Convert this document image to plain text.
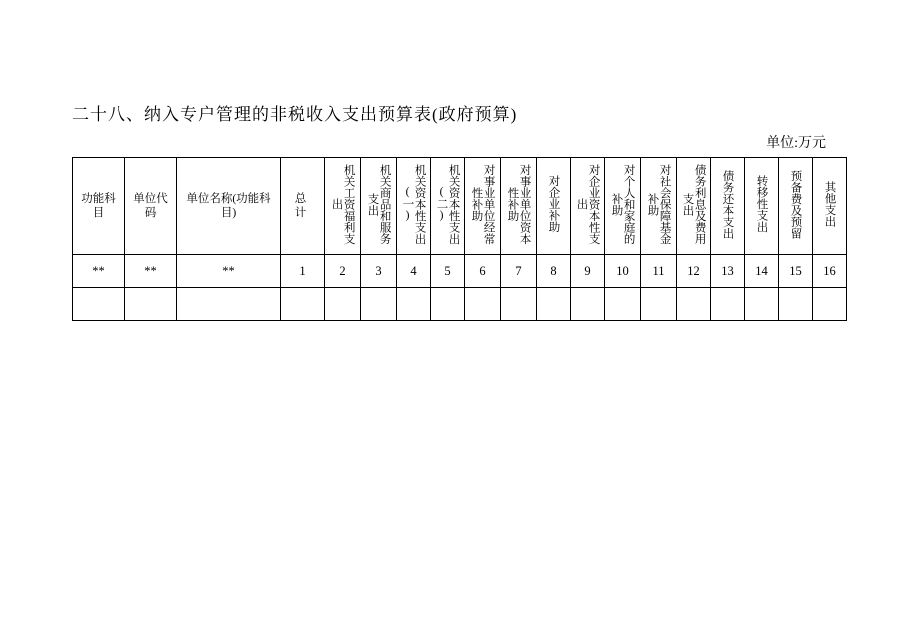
二十八、纳入专户管理的非税收入支出预算表(政府预算)
单位:万元
功能科目	单位代码	单位名称(功能科目)	总　计	机关工资福利支出	机关商品和服务支出	机关资本性支出(一)	机关资本性支出(二)	对事业单位经常性补助	对事业单位资本性补助	对企业补助	对企业资本性支出	对个人和家庭的补助	对社会保障基金补助	债务利息及费用支出	债务还本支出	转移性支出	预备费及预留	其他支出
**	**	**	1	2	3	4	5	6	7	8	9	10	11	12	13	14	15	16
